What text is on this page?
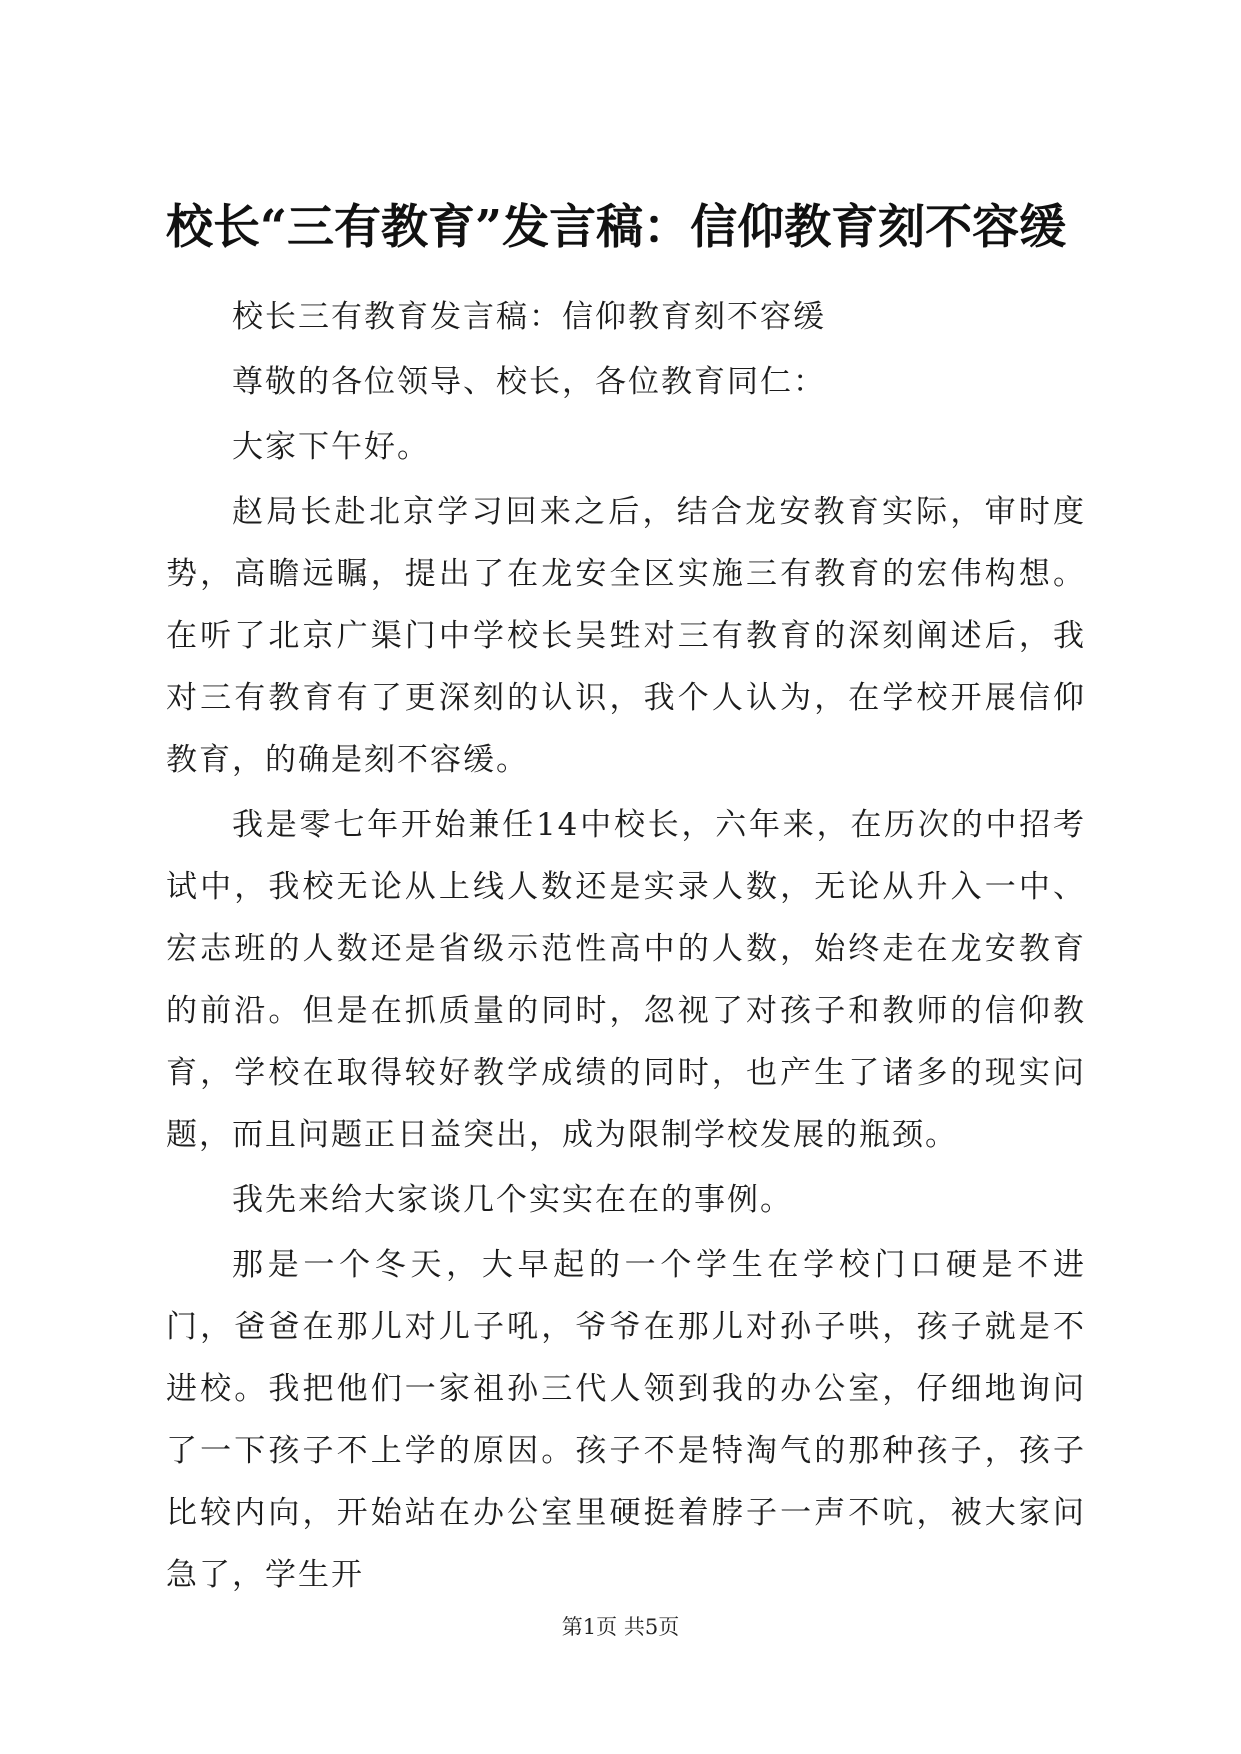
校长“三有教育”发言稿：信仰教育刻不容缓

校长三有教育发言稿：信仰教育刻不容缓

尊敬的各位领导、校长，各位教育同仁：

大家下午好。

赵局长赴北京学习回来之后，结合龙安教育实际，审时度势，高瞻远瞩，提出了在龙安全区实施三有教育的宏伟构想。在听了北京广渠门中学校长吴甡对三有教育的深刻阐述后，我对三有教育有了更深刻的认识，我个人认为，在学校开展信仰教育，的确是刻不容缓。

我是零七年开始兼任14中校长，六年来，在历次的中招考试中，我校无论从上线人数还是实录人数，无论从升入一中、宏志班的人数还是省级示范性高中的人数，始终走在龙安教育的前沿。但是在抓质量的同时，忽视了对孩子和教师的信仰教育，学校在取得较好教学成绩的同时，也产生了诸多的现实问题，而且问题正日益突出，成为限制学校发展的瓶颈。

我先来给大家谈几个实实在在的事例。

那是一个冬天，大早起的一个学生在学校门口硬是不进门，爸爸在那儿对儿子吼，爷爷在那儿对孙子哄，孩子就是不进校。我把他们一家祖孙三代人领到我的办公室，仔细地询问了一下孩子不上学的原因。孩子不是特淘气的那种孩子，孩子比较内向，开始站在办公室里硬挺着脖子一声不吭，被大家问急了，学生开

第1页 共5页
